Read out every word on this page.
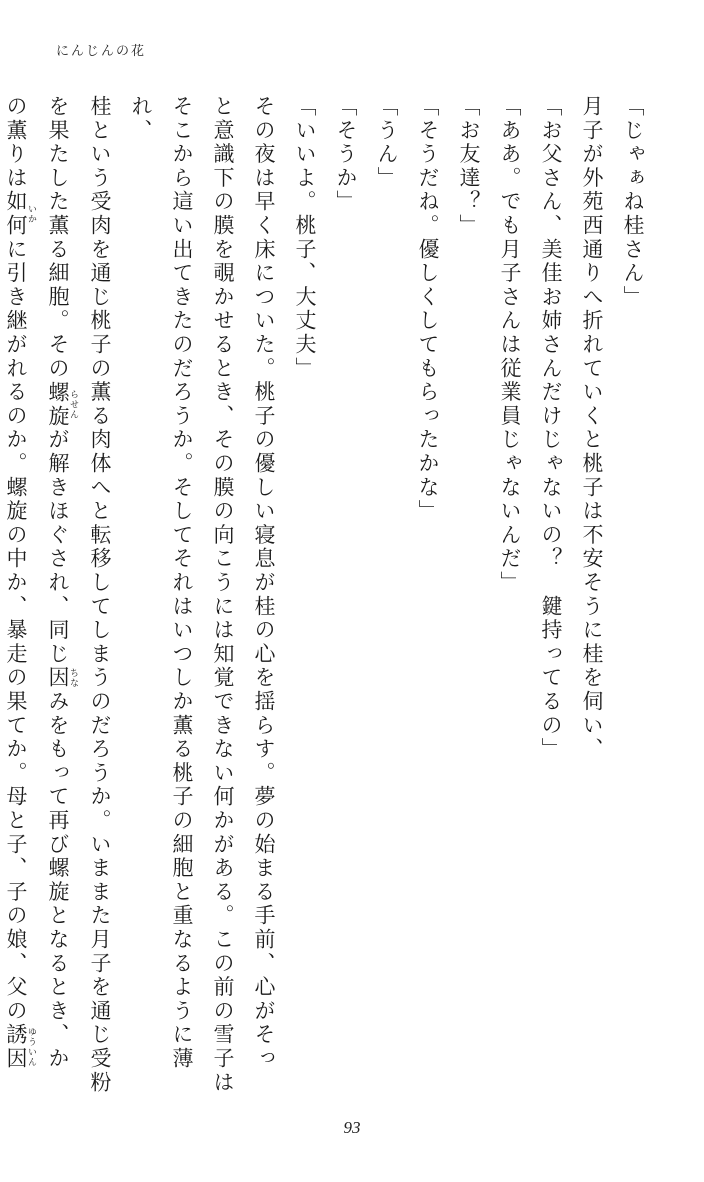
にんじんの花
「じゃぁね桂さん」
月子が外苑西通りへ折れていくと桃子は不安そうに桂を伺い、
「お父さん、美佳お姉さんだけじゃないの？　鍵持ってるの」
「ああ。でも月子さんは従業員じゃないんだ」
「お友達？」
「そうだね。優しくしてもらったかな」
「うん」
「そうか」
「いいよ。桃子、大丈夫」
その夜は早く床についた。桃子の優しい寝息が桂の心を揺らす。夢の始まる手前、心がそっ
と意識下の膜を覗かせるとき、その膜の向こうには知覚できない何かがある。この前の雪子は
そこから這い出てきたのだろうか。そしてそれはいつしか薫る桃子の細胞と重なるように薄れ、
桂という受肉を通じ桃子の薫る肉体へと転移してしまうのだろうか。いままた月子を通じ受粉
を果たした薫る細胞。その螺旋 らせんが解きほぐされ、同じ因 ちなみをもって再び螺旋となるとき、か
の薫りは如何 いかに引き継がれるのか。螺旋の中か、暴走の果てか。母と子、子の娘、父の誘因 ゆういん
93
